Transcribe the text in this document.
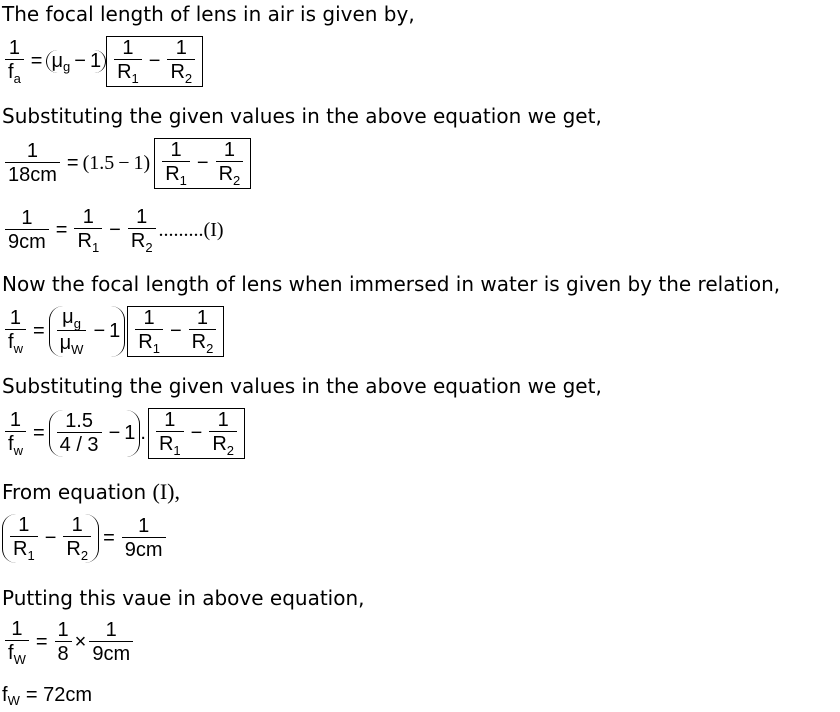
The focal length of lens in air is given by,
$\frac{1}{f_a} = \mu$ $g - 1 \frac{1}{R_1} - \frac{1}{R_2}$
Substituting the given values in the above equation we get,
$\frac{1}{18cm} = (1.5 - 1) \frac{1}{R_1} - \frac{1}{R_2}$
$\frac{1}{9cm} = \frac{1}{R_1} - \frac{1}{R_2} .........(I)$
Now the focal length of lens when immersed in water is given by the relation,
$\frac{1}{f_w} = \frac{\mu_g}{\mu_W} - 1 \frac{1}{R_1} - \frac{1}{R_2}$
Substituting the given values in the above equation we get,
$\frac{1}{f_w} = \frac{1.5}{4 / 3} - 1$ . $\frac{1}{R_1} - \frac{1}{R_2}$
From equation (I),
$\frac{1}{R_1} - \frac{1}{R_2} = \frac{1}{9cm}$
Putting this vaue in above equation,
$\frac{1}{f_W} = \frac{1}{8} \times \frac{1}{9cm}$
f W = 72cm
